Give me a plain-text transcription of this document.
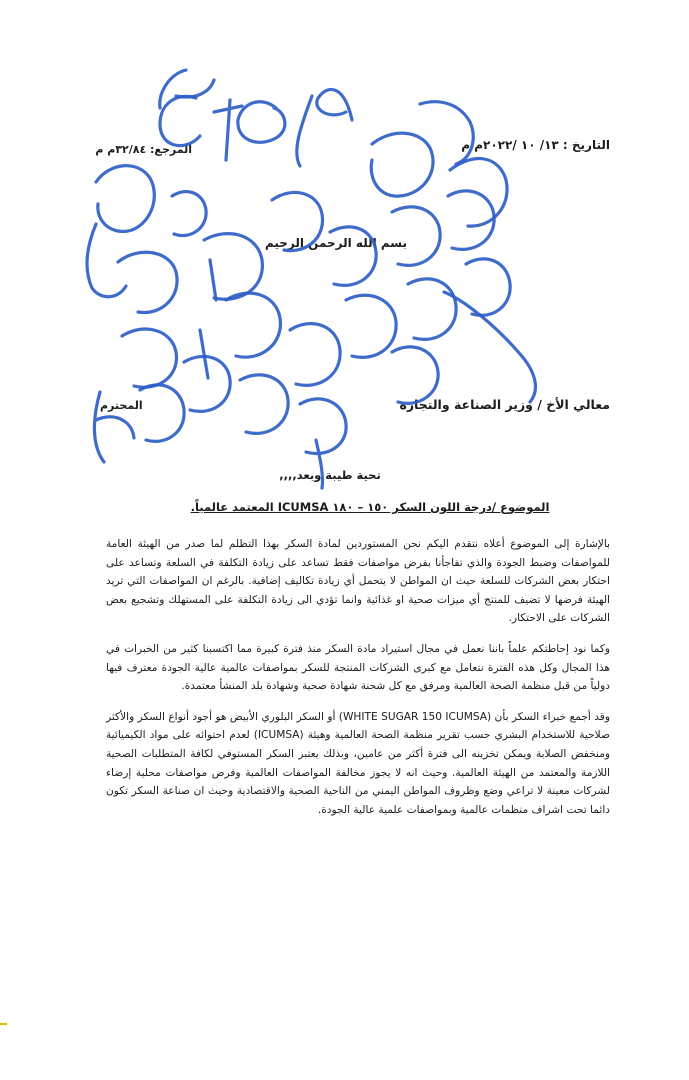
التاريخ : ١٣/ ١٠ /٢٠٢٢م م
المرجع: ٣٢/٨٤م م
بسم الله الرحمن الرحيم
معالي الأخ / وزير الصناعة والتجارة
المحترم
تحية طيبة وبعد,,,,
الموضوع /درجة اللون السكر ١٥٠ – ١٨٠ ICUMSA المعتمد عالمياً.

بالإشارة إلى الموضوع أعلاه نتقدم اليكم نحن المستوردين لمادة السكر بهذا التظلم لما صدر من الهيئة العامة للمواصفات وضبط الجودة والذي تفاجأنا بفرض مواصفات فقط تساعد على زيادة التكلفة في السلعة وتساعد على احتكار بعض الشركات للسلعة حيث ان المواطن لا يتحمل أي زيادة تكاليف إضافية. بالرغم ان المواصفات التي تريد الهيئة فرضها لا تضيف للمنتج أي ميزات صحية او غذائية وانما تؤدي الى زيادة التكلفة على المستهلك وتشجيع بعض الشركات على الاحتكار.

وكما نود إحاطتكم علماً باننا نعمل في مجال استيراد مادة السكر منذ فترة كبيرة مما اكتسبنا كثير من الخبرات في هذا المجال وكل هذه الفترة نتعامل مع كبرى الشركات المنتجة للسكر بمواصفات عالمية عالية الجودة معترف فيها دولياً من قبل منظمة الصحة العالمية ومرفق مع كل شحنة شهادة صحية وشهادة بلد المنشأ معتمدة.

وقد أجمع خبراء السكر بأن (WHITE SUGAR 150 ICUMSA) أو السكر البلوري الأبيض هو أجود أنواع السكر والأكثر صلاحية للاستخدام البشري حسب تقرير منظمة الصحة العالمية وهيئة (ICUMSA) لعدم احتوائه على مواد الكيميائية ومنخفض الصلابة ويمكن تخزينه الى فترة أكثر من عامين، وبذلك يعتبر السكر المستوفي لكافة المتطلبات الصحية اللازمة والمعتمد من الهيئة العالمية. وحيث انه لا يجوز مخالفة المواصفات العالمية وفرض مواصفات محلية إرضاء لشركات معينة لا تراعي وضع وظروف المواطن اليمني من الناحية الصحية والاقتصادية وحيث ان صناعة السكر تكون دائما تحت اشراف منظمات عالمية وبمواصفات علمية عالية الجودة.
